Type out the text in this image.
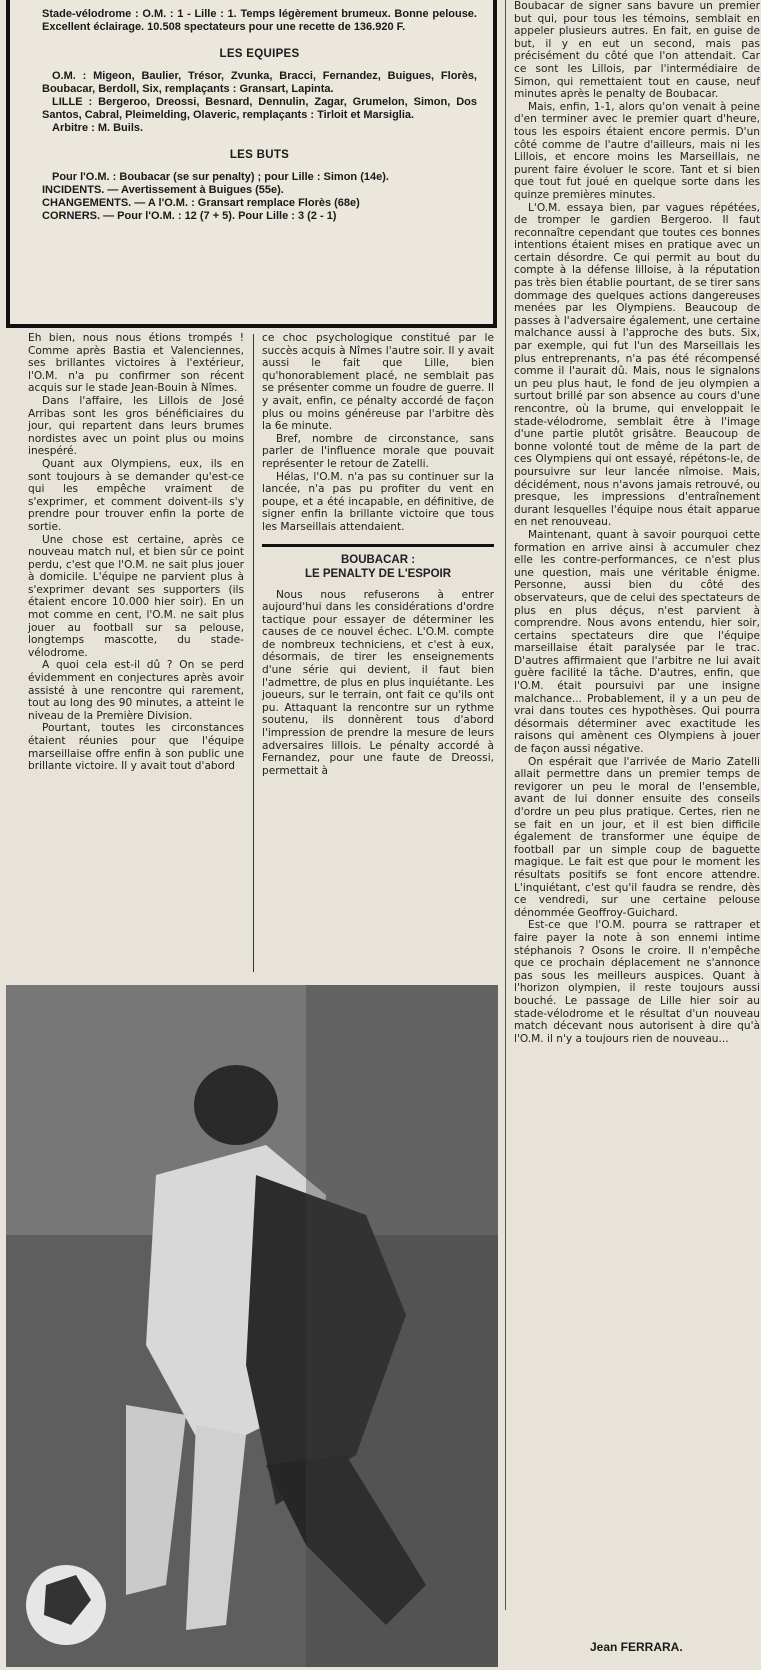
Stade-vélodrome : O.M. : 1 - Lille : 1. Temps légèrement brumeux. Bonne pelouse. Excellent éclairage. 10.508 spectateurs pour une recette de 136.920 F.

LES EQUIPES

O.M. : Migeon, Baulier, Trésor, Zvunka, Bracci, Fernandez, Buigues, Florès, Boubacar, Berdoll, Six, remplaçants : Gransart, Lapinta.

LILLE : Bergeroo, Dreossi, Besnard, Dennulin, Zagar, Grumelon, Simon, Dos Santos, Cabral, Pleimelding, Olaveric, remplaçants : Tirloit et Marsiglia.

Arbitre : M. Buils.

LES BUTS

Pour l'O.M. : Boubacar (se sur penalty) ; pour Lille : Simon (14e).

INCIDENTS. — Avertissement à Buigues (55e).

CHANGEMENTS. — A l'O.M. : Gransart remplace Florès (68e)

CORNERS. — Pour l'O.M. : 12 (7 + 5). Pour Lille : 3 (2 - 1)

Eh bien, nous nous étions trompés ! Comme après Bastia et Valenciennes, ses brillantes victoires à l'extérieur, l'O.M. n'a pu confirmer son récent acquis sur le stade Jean-Bouin à Nîmes.

Dans l'affaire, les Lillois de José Arribas sont les gros bénéficiaires du jour, qui repartent dans leurs brumes nordistes avec un point plus ou moins inespéré.

Quant aux Olympiens, eux, ils en sont toujours à se demander qu'est-ce qui les empêche vraiment de s'exprimer, et comment doivent-ils s'y prendre pour trouver enfin la porte de sortie.

Une chose est certaine, après ce nouveau match nul, et bien sûr ce point perdu, c'est que l'O.M. ne sait plus jouer à domicile. L'équipe ne parvient plus à s'exprimer devant ses supporters (ils étaient encore 10.000 hier soir). En un mot comme en cent, l'O.M. ne sait plus jouer au football sur sa pelouse, longtemps mascotte, du stade-vélodrome.

A quoi cela est-il dû ? On se perd évidemment en conjectures après avoir assisté à une rencontre qui rarement, tout au long des 90 minutes, a atteint le niveau de la Première Division.

Pourtant, toutes les circonstances étaient réunies pour que l'équipe marseillaise offre enfin à son public une brillante victoire. Il y avait tout d'abord

ce choc psychologique constitué par le succès acquis à Nîmes l'autre soir. Il y avait aussi le fait que Lille, bien qu'honorablement placé, ne semblait pas se présenter comme un foudre de guerre. Il y avait, enfin, ce pénalty accordé de façon plus ou moins généreuse par l'arbitre dès la 6e minute.

Bref, nombre de circonstance, sans parler de l'influence morale que pouvait représenter le retour de Zatelli.

Hélas, l'O.M. n'a pas su continuer sur la lancée, n'a pas pu profiter du vent en poupe, et a été incapable, en définitive, de signer enfin la brillante victoire que tous les Marseillais attendaient.

BOUBACAR :
LE PENALTY DE L'ESPOIR

Nous nous refuserons à entrer aujourd'hui dans les considérations d'ordre tactique pour essayer de déterminer les causes de ce nouvel échec. L'O.M. compte de nombreux techniciens, et c'est à eux, désormais, de tirer les enseignements d'une série qui devient, il faut bien l'admettre, de plus en plus inquiétante. Les joueurs, sur le terrain, ont fait ce qu'ils ont pu. Attaquant la rencontre sur un rythme soutenu, ils donnèrent tous d'abord l'impression de prendre la mesure de leurs adversaires lillois. Le pénalty accordé à Fernandez, pour une faute de Dreossi, permettait à

Boubacar de signer sans bavure un premier but qui, pour tous les témoins, semblait en appeler plusieurs autres. En fait, en guise de but, il y en eut un second, mais pas précisément du côté que l'on attendait. Car ce sont les Lillois, par l'intermédiaire de Simon, qui remettaient tout en cause, neuf minutes après le penalty de Boubacar.

Mais, enfin, 1-1, alors qu'on venait à peine d'en terminer avec le premier quart d'heure, tous les espoirs étaient encore permis. D'un côté comme de l'autre d'ailleurs, mais ni les Lillois, et encore moins les Marseillais, ne purent faire évoluer le score. Tant et si bien que tout fut joué en quelque sorte dans les quinze premières minutes.

L'O.M. essaya bien, par vagues répétées, de tromper le gardien Bergeroo. Il faut reconnaître cependant que toutes ces bonnes intentions étaient mises en pratique avec un certain désordre. Ce qui permit au bout du compte à la défense lilloise, à la réputation pas très bien établie pourtant, de se tirer sans dommage des quelques actions dangereuses menées par les Olympiens. Beaucoup de passes à l'adversaire également, une certaine malchance aussi à l'approche des buts. Six, par exemple, qui fut l'un des Marseillais les plus entreprenants, n'a pas été récompensé comme il l'aurait dû. Mais, nous le signalons un peu plus haut, le fond de jeu olympien a surtout brillé par son absence au cours d'une rencontre, où la brume, qui enveloppait le stade-vélodrome, semblait être à l'image d'une partie plutôt grisâtre. Beaucoup de bonne volonté tout de même de la part de ces Olympiens qui ont essayé, répétons-le, de poursuivre sur leur lancée nîmoise. Mais, décidément, nous n'avons jamais retrouvé, ou presque, les impressions d'entraînement durant lesquelles l'équipe nous était apparue en net renouveau.

Maintenant, quant à savoir pourquoi cette formation en arrive ainsi à accumuler chez elle les contre-performances, ce n'est plus une question, mais une véritable énigme. Personne, aussi bien du côté des observateurs, que de celui des spectateurs de plus en plus déçus, n'est parvient à comprendre. Nous avons entendu, hier soir, certains spectateurs dire que l'équipe marseillaise était paralysée par le trac. D'autres affirmaient que l'arbitre ne lui avait guère facilité la tâche. D'autres, enfin, que l'O.M. était poursuivi par une insigne malchance... Probablement, il y a un peu de vrai dans toutes ces hypothèses. Qui pourra désormais déterminer avec exactitude les raisons qui amènent ces Olympiens à jouer de façon aussi négative.

On espérait que l'arrivée de Mario Zatelli allait permettre dans un premier temps de revigorer un peu le moral de l'ensemble, avant de lui donner ensuite des conseils d'ordre un peu plus pratique. Certes, rien ne se fait en un jour, et il est bien difficile également de transformer une équipe de football par un simple coup de baguette magique. Le fait est que pour le moment les résultats positifs se font encore attendre. L'inquiétant, c'est qu'il faudra se rendre, dès ce vendredi, sur une certaine pelouse dénommée Geoffroy-Guichard.

Est-ce que l'O.M. pourra se rattraper et faire payer la note à son ennemi intime stéphanois ? Osons le croire. Il n'empêche que ce prochain déplacement ne s'annonce pas sous les meilleurs auspices. Quant à l'horizon olympien, il reste toujours aussi bouché. Le passage de Lille hier soir au stade-vélodrome et le résultat d'un nouveau match décevant nous autorisent à dire qu'à l'O.M. il n'y a toujours rien de nouveau...

Jean FERRARA.
